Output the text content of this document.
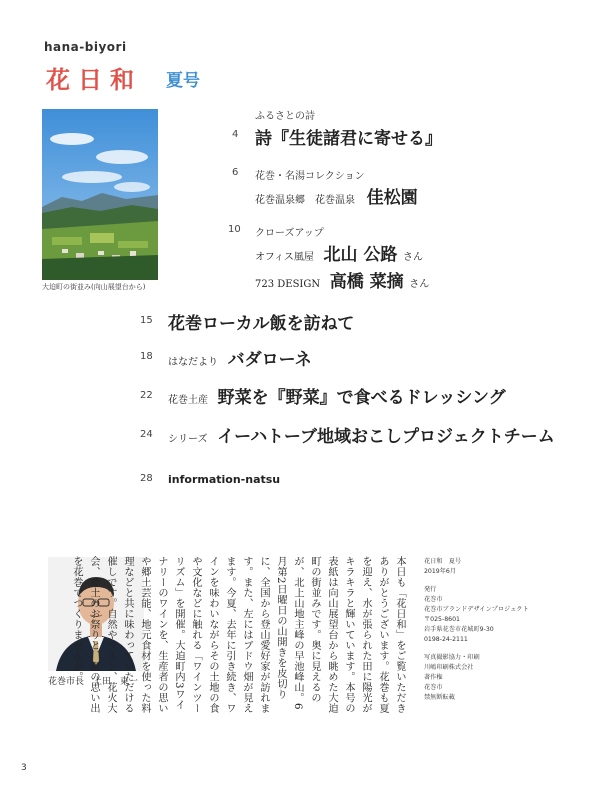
hana-biyori
花日和 夏号
大迫町の街並み(向山展望台から)
ふるさとの詩
4 詩『生徒諸君に寄せる』
6 花巻・名湯コレクション
花巻温泉郷　花巻温泉 佳松園
10 クローズアップ
オフィス風屋 北山 公路 さん
723 DESIGN 高橋 菜摘 さん
15 花巻ローカル飯を訪ねて
18
はなだより バダローネ
22 花巻土産 野菜を『野菜』で食べるドレッシング
24 シリーズ イーハトーブ地域おこしプロジェクトチーム
28 information-natsu
花巻市長　上田　東一	本日も「花日和」をご覧いただきありがとうございます。花巻も夏を迎え、水が張られた田に陽光がキラキラと輝いています。本号の表紙は向山展望台から眺めた大迫町の街並みです。奥に見えるのが、北上山地主峰の早池峰山。6月第2日曜日の山開きを皮切りに、全国から登山愛好家が訪れます。また、左にはブドウ畑が見えます。今夏、去年に引き続き、ワインを味わいながらその土地の食や文化などに触れる「ワインツーリズム」を開催。大迫町内3ワイナリーのワインを、生産者の思いや郷土芸能、地元食材を使った料理などと共に味わっていただける催しです。自然やワイン、花火大会、郷土のお祭りと、夏の思い出を花巻でつくりませんか。	花日和　夏号
2019年6月
発行
花巻市
花巻市ブランドデザインプロジェクト
〒025-8601
岩手県花巻市花城町9-30
0198-24-2111
写真撮影協力・印刷
川嶋印刷株式会社
著作権
花巻市
禁無断転載
3
